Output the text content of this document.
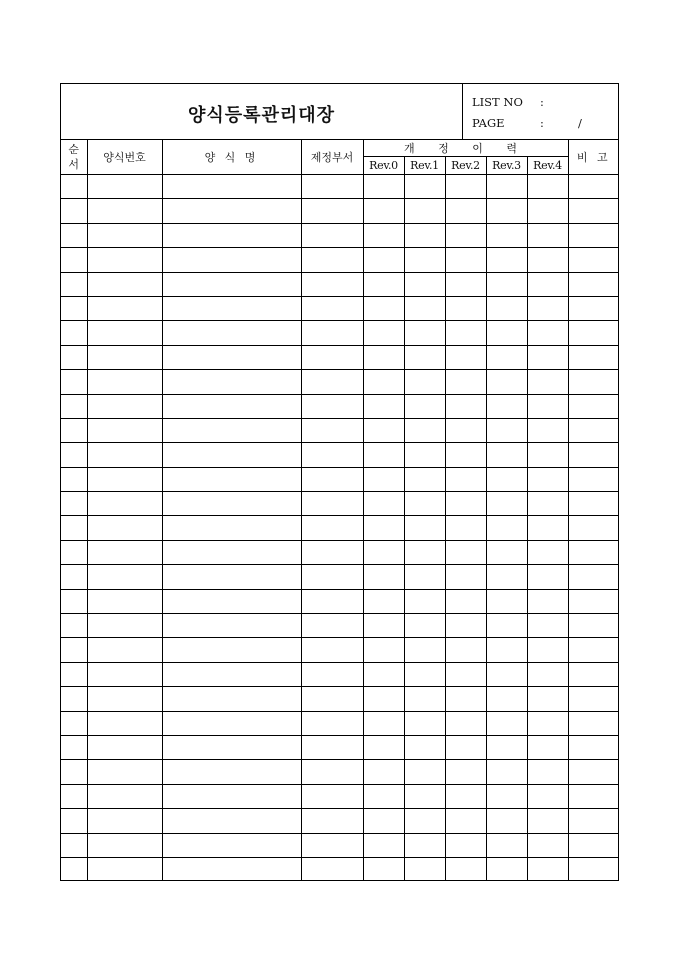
양식등록관리대장
LIST NO :
PAGE	:	/
순
서	양식번호	양 식 명	제정부서	개 정 이 력					비 고
				Rev.0	Rev.1	Rev.2	Rev.3	Rev.4	
